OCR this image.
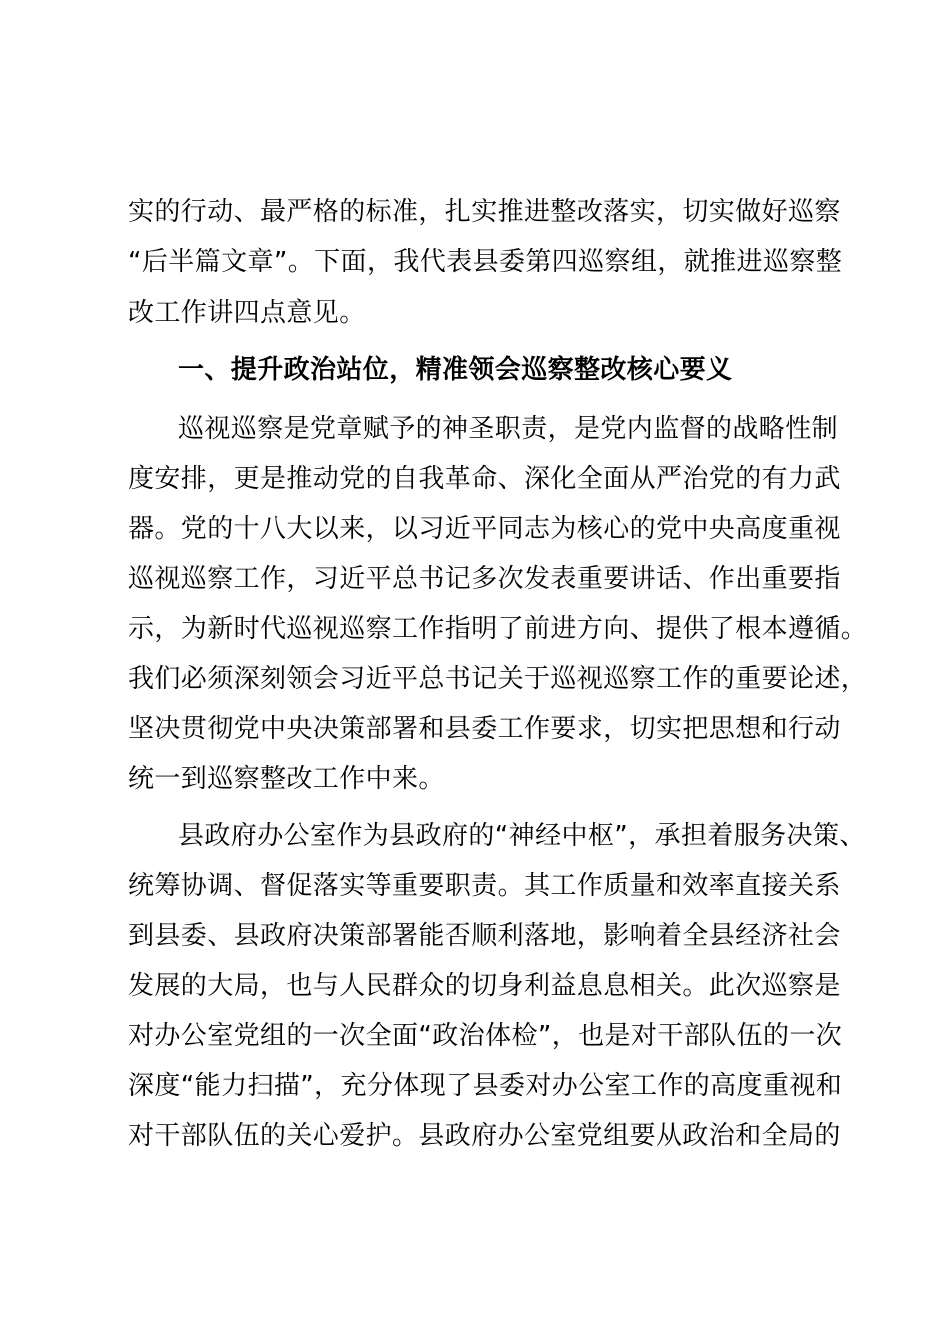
实的行动、最严格的标准，扎实推进整改落实，切实做好巡察
“后半篇文章”。下面，我代表县委第四巡察组，就推进巡察整
改工作讲四点意见。
一、提升政治站位，精准领会巡察整改核心要义
巡视巡察是党章赋予的神圣职责，是党内监督的战略性制
度安排，更是推动党的自我革命、深化全面从严治党的有力武
器。党的十八大以来，以习近平同志为核心的党中央高度重视
巡视巡察工作，习近平总书记多次发表重要讲话、作出重要指
示，为新时代巡视巡察工作指明了前进方向、提供了根本遵循。
我们必须深刻领会习近平总书记关于巡视巡察工作的重要论述，
坚决贯彻党中央决策部署和县委工作要求，切实把思想和行动
统一到巡察整改工作中来。
县政府办公室作为县政府的“神经中枢”，承担着服务决策、
统筹协调、督促落实等重要职责。其工作质量和效率直接关系
到县委、县政府决策部署能否顺利落地，影响着全县经济社会
发展的大局，也与人民群众的切身利益息息相关。此次巡察是
对办公室党组的一次全面“政治体检”，也是对干部队伍的一次
深度“能力扫描”，充分体现了县委对办公室工作的高度重视和
对干部队伍的关心爱护。县政府办公室党组要从政治和全局的
